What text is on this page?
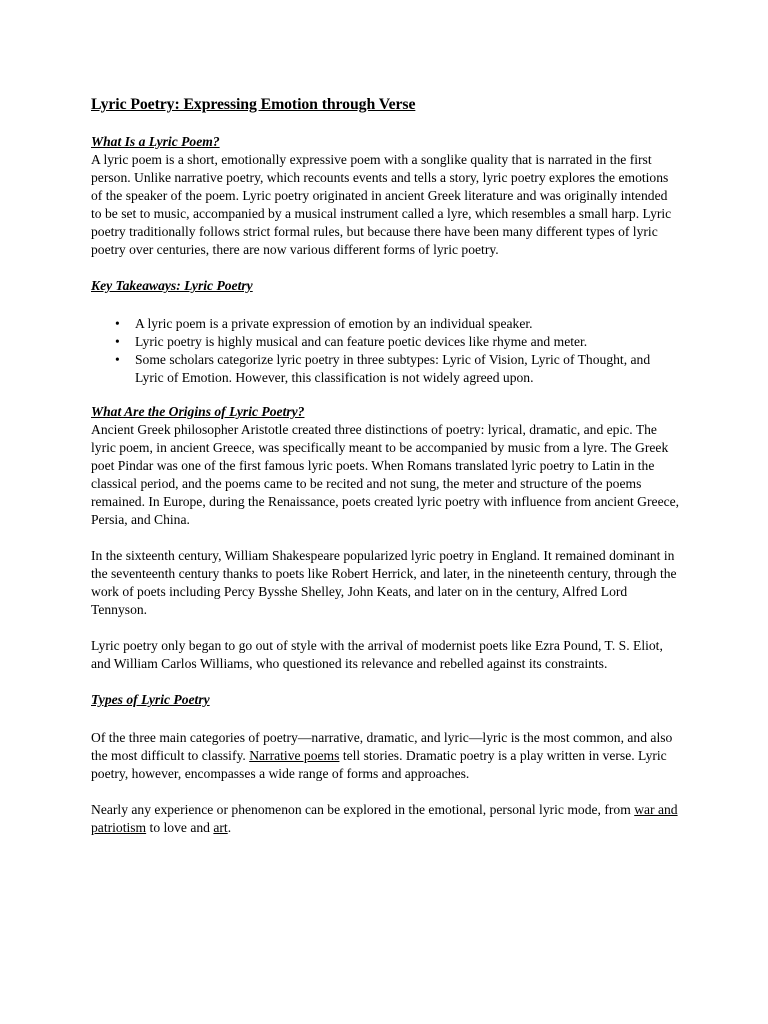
Lyric Poetry: Expressing Emotion through Verse
What Is a Lyric Poem?

A lyric poem is a short, emotionally expressive poem with a songlike quality that is narrated in the first person. Unlike narrative poetry, which recounts events and tells a story, lyric poetry explores the emotions of the speaker of the poem. Lyric poetry originated in ancient Greek literature and was originally intended to be set to music, accompanied by a musical instrument called a lyre, which resembles a small harp. Lyric poetry traditionally follows strict formal rules, but because there have been many different types of lyric poetry over centuries, there are now various different forms of lyric poetry.

Key Takeaways: Lyric Poetry
• A lyric poem is a private expression of emotion by an individual speaker.
• Lyric poetry is highly musical and can feature poetic devices like rhyme and meter.
• Some scholars categorize lyric poetry in three subtypes: Lyric of Vision, Lyric of Thought, and Lyric of Emotion. However, this classification is not widely agreed upon.
What Are the Origins of Lyric Poetry?

Ancient Greek philosopher Aristotle created three distinctions of poetry: lyrical, dramatic, and epic. The lyric poem, in ancient Greece, was specifically meant to be accompanied by music from a lyre. The Greek poet Pindar was one of the first famous lyric poets. When Romans translated lyric poetry to Latin in the classical period, and the poems came to be recited and not sung, the meter and structure of the poems remained. In Europe, during the Renaissance, poets created lyric poetry with influence from ancient Greece, Persia, and China.

In the sixteenth century, William Shakespeare popularized lyric poetry in England. It remained dominant in the seventeenth century thanks to poets like Robert Herrick, and later, in the nineteenth century, through the work of poets including Percy Bysshe Shelley, John Keats, and later on in the century, Alfred Lord Tennyson.

Lyric poetry only began to go out of style with the arrival of modernist poets like Ezra Pound, T. S. Eliot, and William Carlos Williams, who questioned its relevance and rebelled against its constraints.

Types of Lyric Poetry

Of the three main categories of poetry—narrative, dramatic, and lyric—lyric is the most common, and also the most difficult to classify. Narrative poems tell stories. Dramatic poetry is a play written in verse. Lyric poetry, however, encompasses a wide range of forms and approaches.

Nearly any experience or phenomenon can be explored in the emotional, personal lyric mode, from war and patriotism to love and art.
